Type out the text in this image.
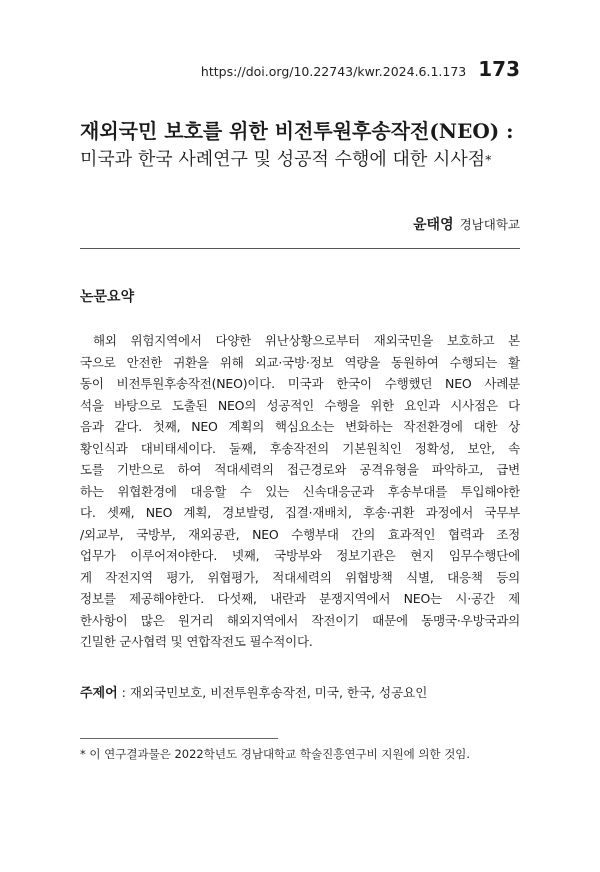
https://doi.org/10.22743/kwr.2024.6.1.173 173
재외국민 보호를 위한 비전투원후송작전(NEO) :
미국과 한국 사례연구 및 성공적 수행에 대한 시사점*
윤태영 경남대학교
논문요약
해외 위험지역에서 다양한 위난상황으로부터 재외국민을 보호하고 본
국으로 안전한 귀환을 위해 외교·국방·정보 역량을 동원하여 수행되는 활
동이 비전투원후송작전(NEO)이다. 미국과 한국이 수행했던 NEO 사례분
석을 바탕으로 도출된 NEO의 성공적인 수행을 위한 요인과 시사점은 다
음과 같다. 첫째, NEO 계획의 핵심요소는 변화하는 작전환경에 대한 상
황인식과 대비태세이다. 둘째, 후송작전의 기본원칙인 정확성, 보안, 속
도를 기반으로 하여 적대세력의 접근경로와 공격유형을 파악하고, 급변
하는 위협환경에 대응할 수 있는 신속대응군과 후송부대를 투입해야한
다. 셋째, NEO 계획, 경보발령, 집결·재배치, 후송·귀환 과정에서 국무부
/외교부, 국방부, 재외공관, NEO 수행부대 간의 효과적인 협력과 조정
업무가 이루어져야한다. 넷째, 국방부와 정보기관은 현지 임무수행단에
게 작전지역 평가, 위협평가, 적대세력의 위협방책 식별, 대응책 등의
정보를 제공해야한다. 다섯째, 내란과 분쟁지역에서 NEO는 시·공간 제
한사항이 많은 원거리 해외지역에서 작전이기 때문에 동맹국·우방국과의
긴밀한 군사협력 및 연합작전도 필수적이다.
주제어 : 재외국민보호, 비전투원후송작전, 미국, 한국, 성공요인
* 이 연구결과물은 2022학년도 경남대학교 학술진흥연구비 지원에 의한 것임.
